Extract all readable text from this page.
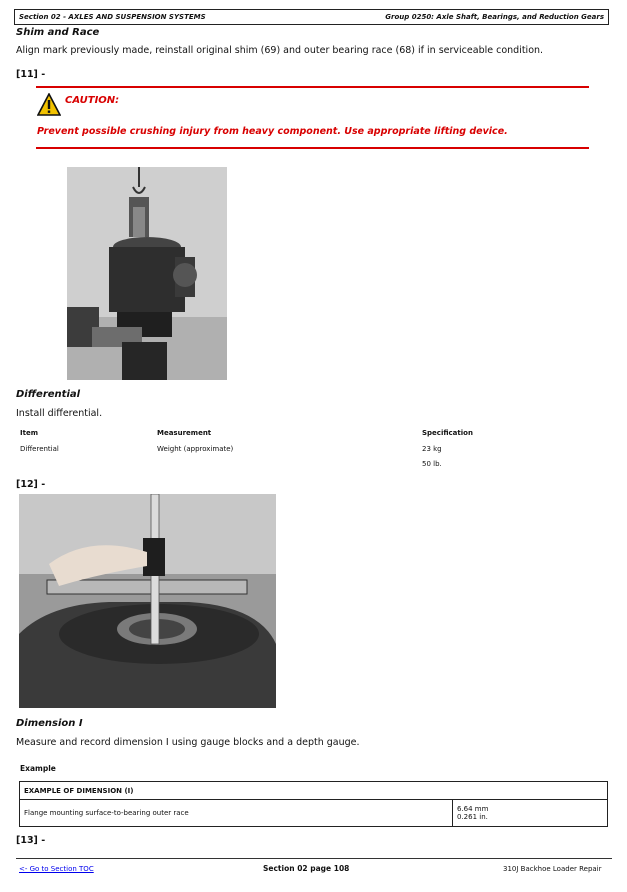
Section 02 - AXLES AND SUSPENSION SYSTEMS	Group 0250: Axle Shaft, Bearings, and Reduction Gears
Shim and Race
Align mark previously made, reinstall original shim (69) and outer bearing race (68) if in serviceable condition.
[11] -
CAUTION:
Prevent possible crushing injury from heavy component. Use appropriate lifting device.
Differential
Install differential.
Item	Measurement	Specification
Differential	Weight (approximate)	23 kg
50 lb.
[12] -
Dimension I
Measure and record dimension I using gauge blocks and a depth gauge.
Example
EXAMPLE OF DIMENSION (I)
Flange mounting surface-to-bearing outer race	6.64 mm
0.261 in.
[13] -
<- Go to Section TOC	Section 02 page 108	310J Backhoe Loader Repair
